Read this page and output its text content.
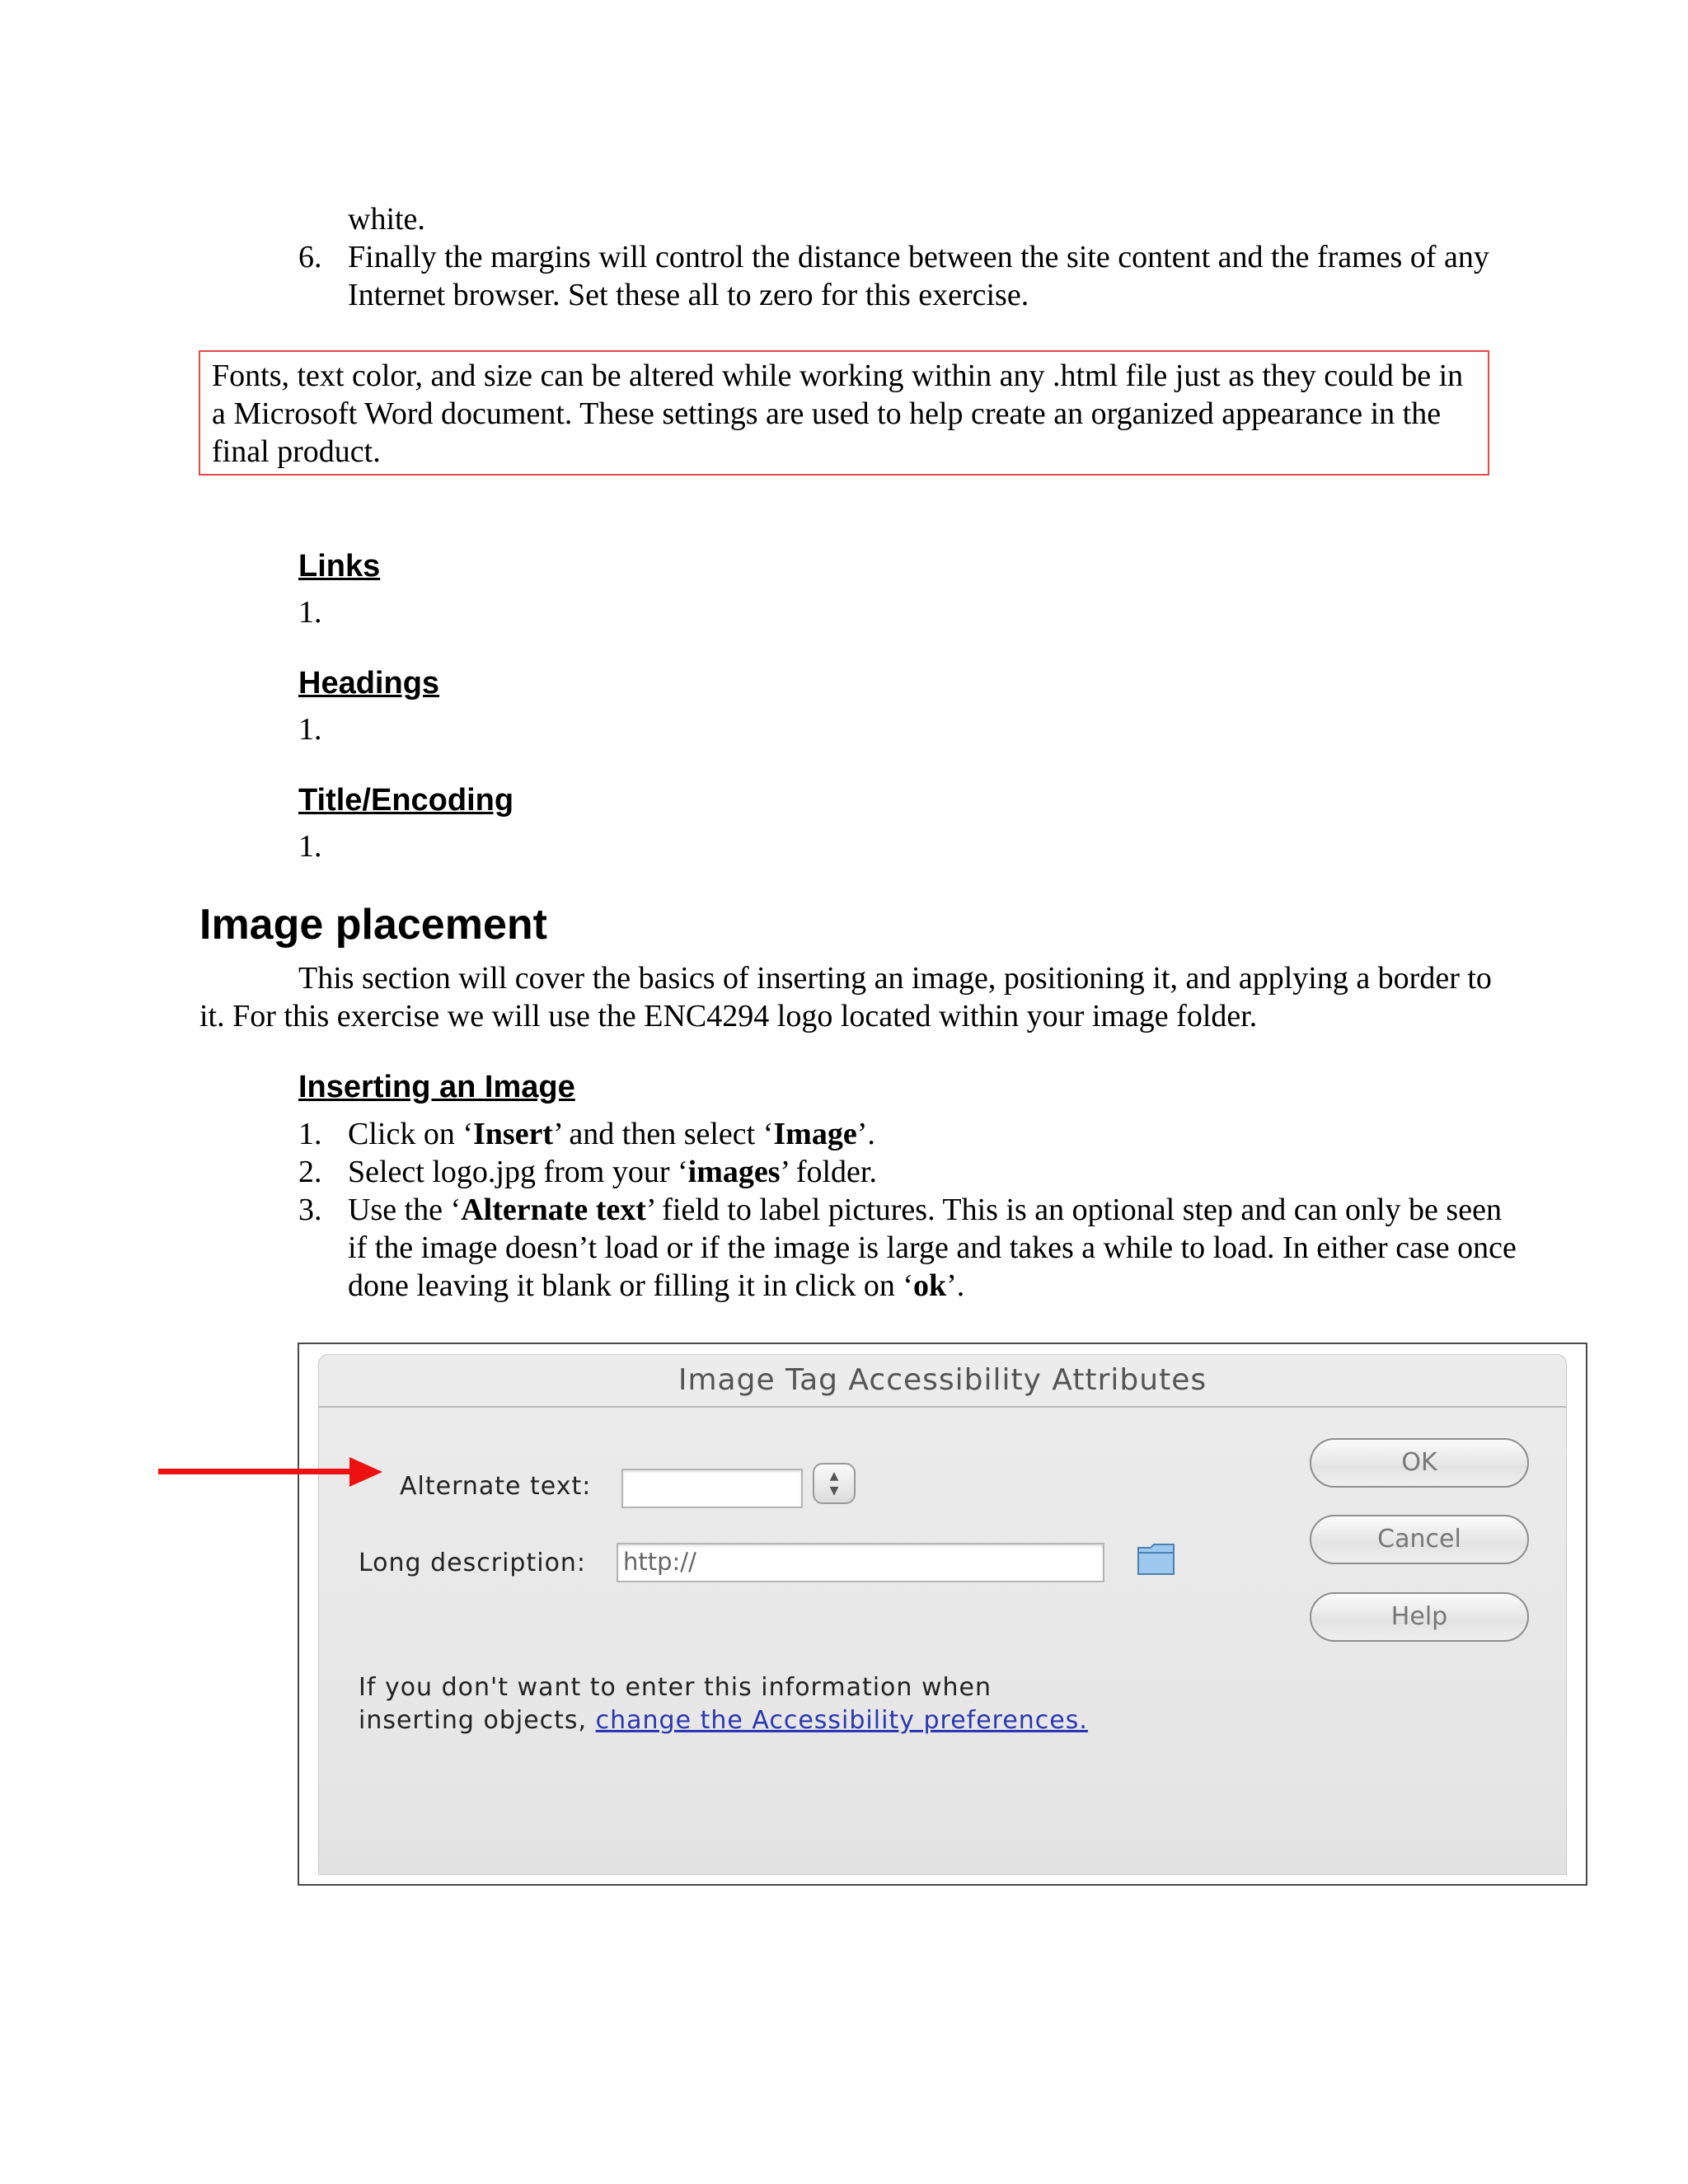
white.
6. Finally the margins will control the distance between the site content and the frames of any Internet browser. Set these all to zero for this exercise.

Fonts, text color, and size can be altered while working within any .html file just as they could be in a Microsoft Word document. These settings are used to help create an organized appearance in the final product.

Links
1.
Headings
1.
Title/Encoding
1.
Image placement

This section will cover the basics of inserting an image, positioning it, and applying a border to it. For this exercise we will use the ENC4294 logo located within your image folder.

Inserting an Image
1. Click on ‘Insert’ and then select ‘Image’.
2. Select logo.jpg from your ‘images’ folder.
3. Use the ‘Alternate text’ field to label pictures. This is an optional step and can only be seen if the image doesn’t load or if the image is large and takes a while to load. In either case once done leaving it blank or filling it in click on ‘ok’.
Image Tag Accessibility Attributes
Alternate text:	▲
▼
Long description: http://
OK
Cancel
Help
If you don't want to enter this information when inserting objects, change the Accessibility preferences.
